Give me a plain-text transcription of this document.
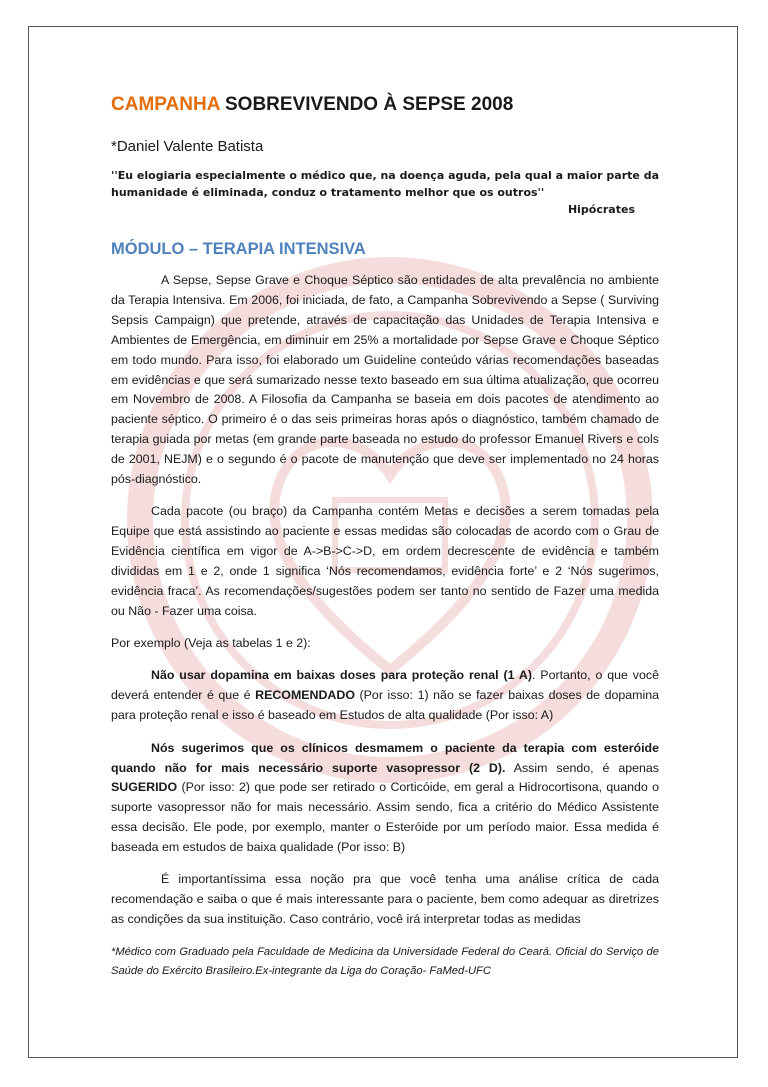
CAMPANHA SOBREVIVENDO À SEPSE 2008
*Daniel Valente Batista
''Eu elogiaria especialmente o médico que, na doença aguda, pela qual a maior parte da humanidade é eliminada, conduz o tratamento melhor que os outros''
Hipócrates
MÓDULO – TERAPIA INTENSIVA

A Sepse, Sepse Grave e Choque Séptico são entidades de alta prevalência no ambiente da Terapia Intensiva. Em 2006, foi iniciada, de fato, a Campanha Sobrevivendo a Sepse ( Surviving Sepsis Campaign) que pretende, através de capacitação das Unidades de Terapia Intensiva e Ambientes de Emergência, em diminuir em 25% a mortalidade por Sepse Grave e Choque Séptico em todo mundo. Para isso, foi elaborado um Guideline conteúdo várias recomendações baseadas em evidências e que será sumarizado nesse texto baseado em sua última atualização, que ocorreu em Novembro de 2008. A Filosofia da Campanha se baseia em dois pacotes de atendimento ao paciente séptico. O primeiro é o das seis primeiras horas após o diagnóstico, também chamado de terapia guiada por metas (em grande parte baseada no estudo do professor Emanuel Rivers e cols de 2001, NEJM) e o segundo é o pacote de manutenção que deve ser implementado no 24 horas pós-diagnóstico.

Cada pacote (ou braço) da Campanha contém Metas e decisões a serem tomadas pela Equipe que está assistindo ao paciente e essas medidas são colocadas de acordo com o Grau de Evidência científica em vigor de A->B->C->D, em ordem decrescente de evidência e também divididas em 1 e 2, onde 1 significa ‘Nós recomendamos, evidência forte’ e 2 ‘Nós sugerimos, evidência fraca’. As recomendações/sugestões podem ser tanto no sentido de Fazer uma medida ou Não - Fazer uma coisa.

Por exemplo (Veja as tabelas 1 e 2):

Não usar dopamina em baixas doses para proteção renal (1 A). Portanto, o que você deverá entender é que é RECOMENDADO (Por isso: 1) não se fazer baixas doses de dopamina para proteção renal e isso é baseado em Estudos de alta qualidade (Por isso: A)

Nós sugerimos que os clínicos desmamem o paciente da terapia com esteróide quando não for mais necessário suporte vasopressor (2 D). Assim sendo, é apenas SUGERIDO (Por isso: 2) que pode ser retirado o Corticóide, em geral a Hidrocortisona, quando o suporte vasopressor não for mais necessário. Assim sendo, fica a critério do Médico Assistente essa decisão. Ele pode, por exemplo, manter o Esteróide por um período maior. Essa medida é baseada em estudos de baixa qualidade (Por isso: B)

É importantíssima essa noção pra que você tenha uma análise crítica de cada recomendação e saiba o que é mais interessante para o paciente, bem como adequar as diretrizes as condições da sua instituição. Caso contrário, você irá interpretar todas as medidas

*Médico com Graduado pela Faculdade de Medicina da Universidade Federal do Ceará. Oficial do Serviço de Saúde do Exército Brasileiro.Ex-integrante da Liga do Coração- FaMed-UFC
